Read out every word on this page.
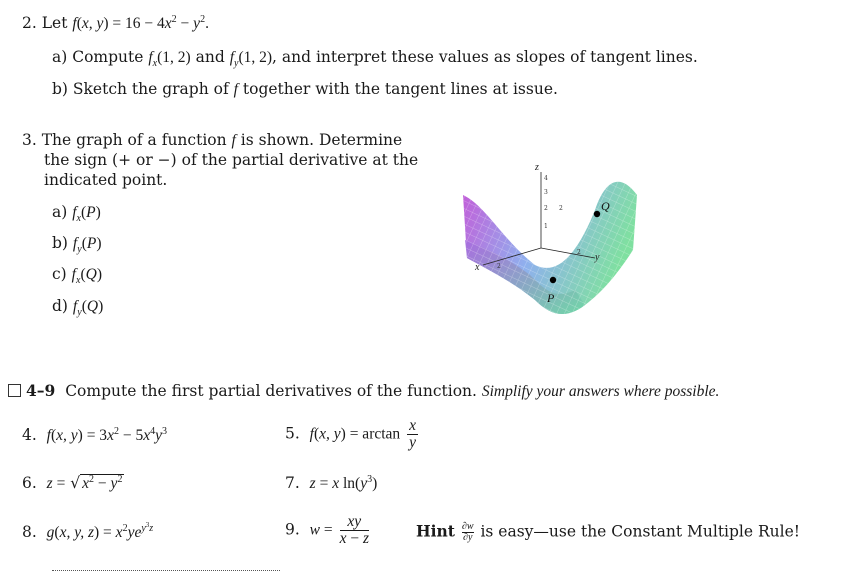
2. Let f(x, $y) = 16 - 4x^2 - y^2$.
a) Compute $f_x(1$, 2) and $f_y(1$, 2), and interpret these values as slopes of tangent lines.
b) Sketch the graph of f together with the tangent lines at issue.
3. The graph of a function f is shown. Determine
the sign (+ or −) of the partial derivative at the
indicated point.
a) $f_x(P)$
b) $f_y(P)$
c) $f_x(Q)$
d) $f_y(Q)$
z
x
y
4
3
2
1
2
2
2
Q
P
4–9 Compute the first partial derivatives of the function. Simplify your answers where possible.
4. f(x, $y) = 3x^2 - 5x^4y^3$	5. f(x, $y) = \arctan \frac{x}{y}$
6. z = √ $x^2 - y^2$	7. z = x $\ln(y^3)$
8. g(x, y, $z) = x^2ye^{y^3z}$	9. $w = \frac{xy}{x - z}$	Hint $\frac{\partial w}{\partial y}$ is easy—use the Constant Multiple Rule!
